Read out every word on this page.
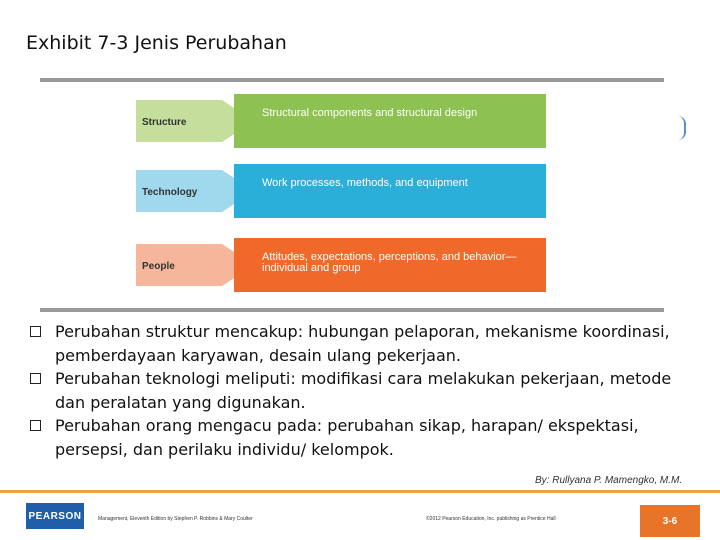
Exhibit 7-3 Jenis Perubahan
Structure
Structural components and structural design
Technology
Work processes, methods, and equipment
People
Attitudes, expectations, perceptions, and behavior—individual and group
Perubahan struktur mencakup: hubungan pelaporan, mekanisme koordinasi, pemberdayaan karyawan, desain ulang pekerjaan.
Perubahan teknologi meliputi: modifikasi cara melakukan pekerjaan, metode dan peralatan yang digunakan.
Perubahan orang mengacu pada: perubahan sikap, harapan/ ekspektasi, persepsi, dan perilaku individu/ kelompok.
By: Rullyana P. Mamengko, M.M.
PEARSON	Management, Eleventh Edition by Stephen P. Robbins & Mary Coulter	©2012 Pearson Education, Inc. publishing as Prentice Hall	3-6
